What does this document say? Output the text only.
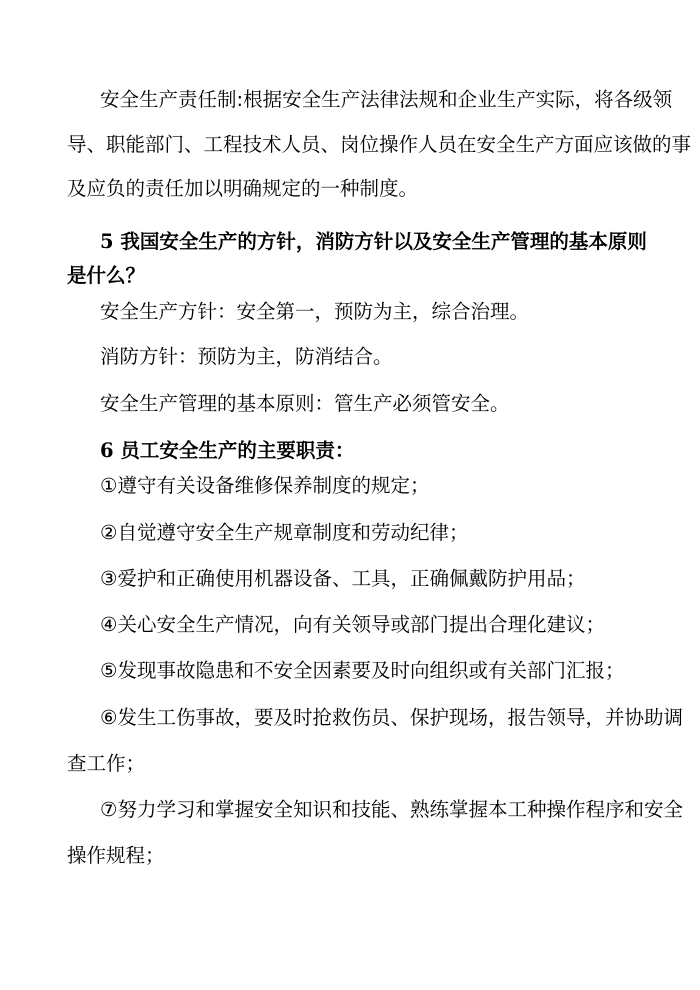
安全生产责任制:根据安全生产法律法规和企业生产实际，将各级领
导、职能部门、工程技术人员、岗位操作人员在安全生产方面应该做的事
及应负的责任加以明确规定的一种制度。
5 我国安全生产的方针，消防方针以及安全生产管理的基本原则
是什么？
安全生产方针：安全第一，预防为主，综合治理。
消防方针：预防为主，防消结合。
安全生产管理的基本原则：管生产必须管安全。
6 员工安全生产的主要职责：
①遵守有关设备维修保养制度的规定；
②自觉遵守安全生产规章制度和劳动纪律；
③爱护和正确使用机器设备、工具，正确佩戴防护用品；
④关心安全生产情况，向有关领导或部门提出合理化建议；
⑤发现事故隐患和不安全因素要及时向组织或有关部门汇报；
⑥发生工伤事故，要及时抢救伤员、保护现场，报告领导，并协助调
查工作；
⑦努力学习和掌握安全知识和技能、熟练掌握本工种操作程序和安全
操作规程；
